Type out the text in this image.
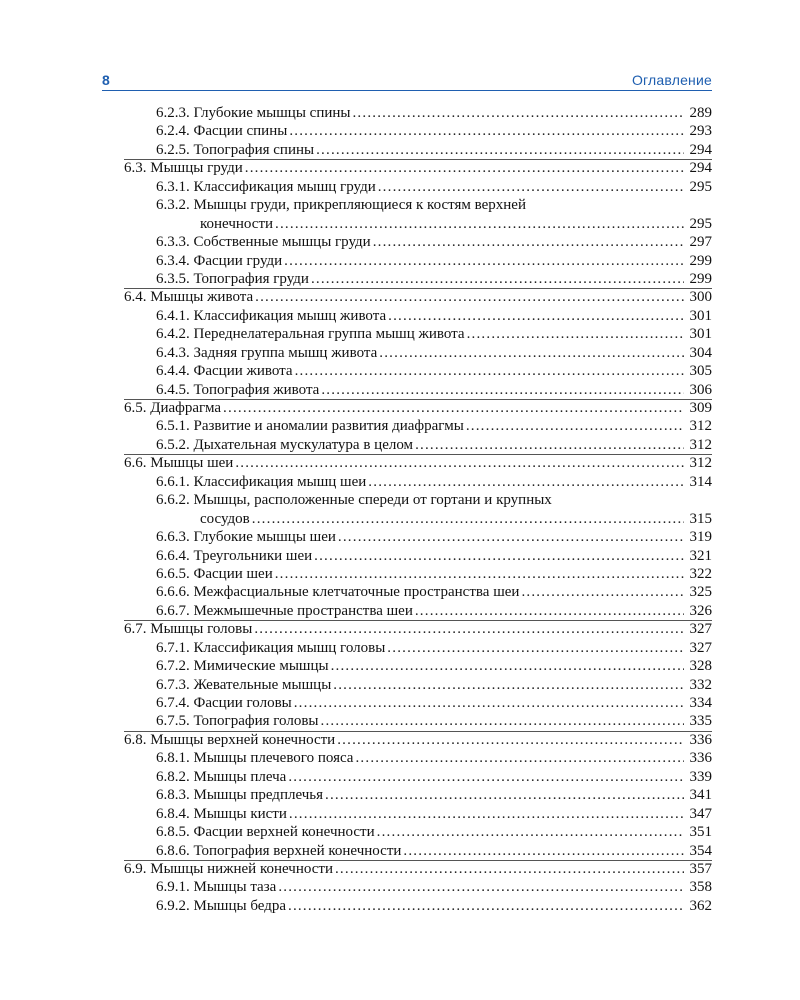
8	Оглавление
6.2.3. Глубокие мышцы спины .....	289
6.2.4. Фасции спины .....	293
6.2.5. Топография спины .....	294
6.3. Мышцы груди .....	294
6.3.1. Классификация мышц груди .....	295
6.3.2. Мышцы груди, прикрепляющиеся к костям верхней
конечности .....	295
6.3.3. Собственные мышцы груди .....	297
6.3.4. Фасции груди .....	299
6.3.5. Топография груди .....	299
6.4. Мышцы живота .....	300
6.4.1. Классификация мышц живота .....	301
6.4.2. Переднелатеральная группа мышц живота .....	301
6.4.3. Задняя группа мышц живота .....	304
6.4.4. Фасции живота .....	305
6.4.5. Топография живота .....	306
6.5. Диафрагма .....	309
6.5.1. Развитие и аномалии развития диафрагмы .....	312
6.5.2. Дыхательная мускулатура в целом .....	312
6.6. Мышцы шеи .....	312
6.6.1. Классификация мышц шеи .....	314
6.6.2. Мышцы, расположенные спереди от гортани и крупных
сосудов .....	315
6.6.3. Глубокие мышцы шеи .....	319
6.6.4. Треугольники шеи .....	321
6.6.5. Фасции шеи .....	322
6.6.6. Межфасциальные клетчаточные пространства шеи .....	325
6.6.7. Межмышечные пространства шеи .....	326
6.7. Мышцы головы .....	327
6.7.1. Классификация мышц головы .....	327
6.7.2. Мимические мышцы .....	328
6.7.3. Жевательные мышцы .....	332
6.7.4. Фасции головы .....	334
6.7.5. Топография головы .....	335
6.8. Мышцы верхней конечности .....	336
6.8.1. Мышцы плечевого пояса .....	336
6.8.2. Мышцы плеча .....	339
6.8.3. Мышцы предплечья .....	341
6.8.4. Мышцы кисти .....	347
6.8.5. Фасции верхней конечности .....	351
6.8.6. Топография верхней конечности .....	354
6.9. Мышцы нижней конечности .....	357
6.9.1. Мышцы таза .....	358
6.9.2. Мышцы бедра .....	362
